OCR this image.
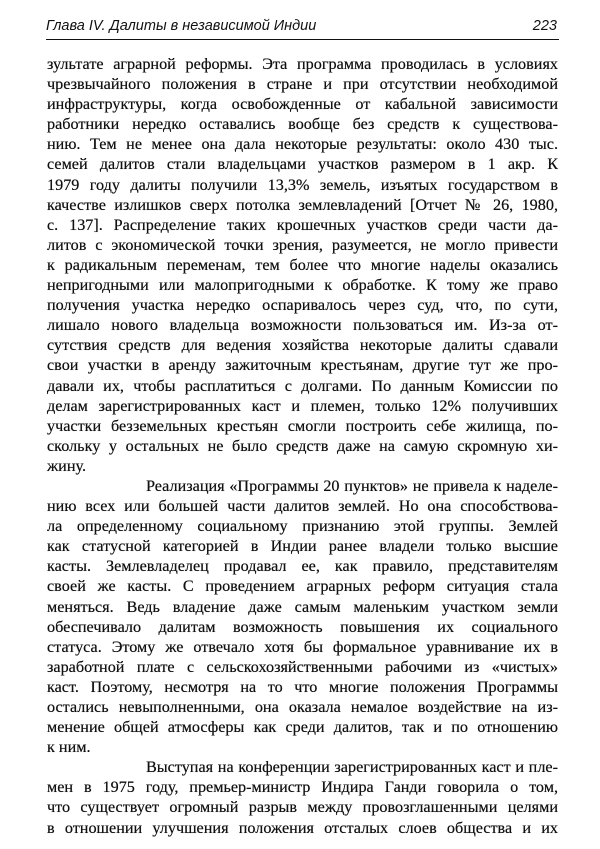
Глава IV. Далиты в независимой Индии	223
зультате аграрной реформы. Эта программа проводилась в условиях
чрезвычайного положения в стране и при отсутствии необходимой
инфраструктуры, когда освобожденные от кабальной зависимости
работники нередко оставались вообще без средств к существова-
нию. Тем не менее она дала некоторые результаты: около 430 тыс.
семей далитов стали владельцами участков размером в 1 акр. К
1979 году далиты получили 13,3% земель, изъятых государством в
качестве излишков сверх потолка землевладений [Отчет № 26, 1980,
с. 137]. Распределение таких крошечных участков среди части да-
литов с экономической точки зрения, разумеется, не могло привести
к радикальным переменам, тем более что многие наделы оказались
непригодными или малопригодными к обработке. К тому же право
получения участка нередко оспаривалось через суд, что, по сути,
лишало нового владельца возможности пользоваться им. Из-за от-
сутствия средств для ведения хозяйства некоторые далиты сдавали
свои участки в аренду зажиточным крестьянам, другие тут же про-
давали их, чтобы расплатиться с долгами. По данным Комиссии по
делам зарегистрированных каст и племен, только 12% получивших
участки безземельных крестьян смогли построить себе жилища, по-
скольку у остальных не было средств даже на самую скромную хи-
жину.
Реализация «Программы 20 пунктов» не привела к наделе-
нию всех или большей части далитов землей. Но она способствова-
ла определенному социальному признанию этой группы. Землей
как статусной категорией в Индии ранее владели только высшие
касты. Землевладелец продавал ее, как правило, представителям
своей же касты. С проведением аграрных реформ ситуация стала
меняться. Ведь владение даже самым маленьким участком земли
обеспечивало далитам возможность повышения их социального
статуса. Этому же отвечало хотя бы формальное уравнивание их в
заработной плате с сельскохозяйственными рабочими из «чистых»
каст. Поэтому, несмотря на то что многие положения Программы
остались невыполненными, она оказала немалое воздействие на из-
менение общей атмосферы как среди далитов, так и по отношению
к ним.
Выступая на конференции зарегистрированных каст и пле-
мен в 1975 году, премьер-министр Индира Ганди говорила о том,
что существует огромный разрыв между провозглашенными целями
в отношении улучшения положения отсталых слоев общества и их
